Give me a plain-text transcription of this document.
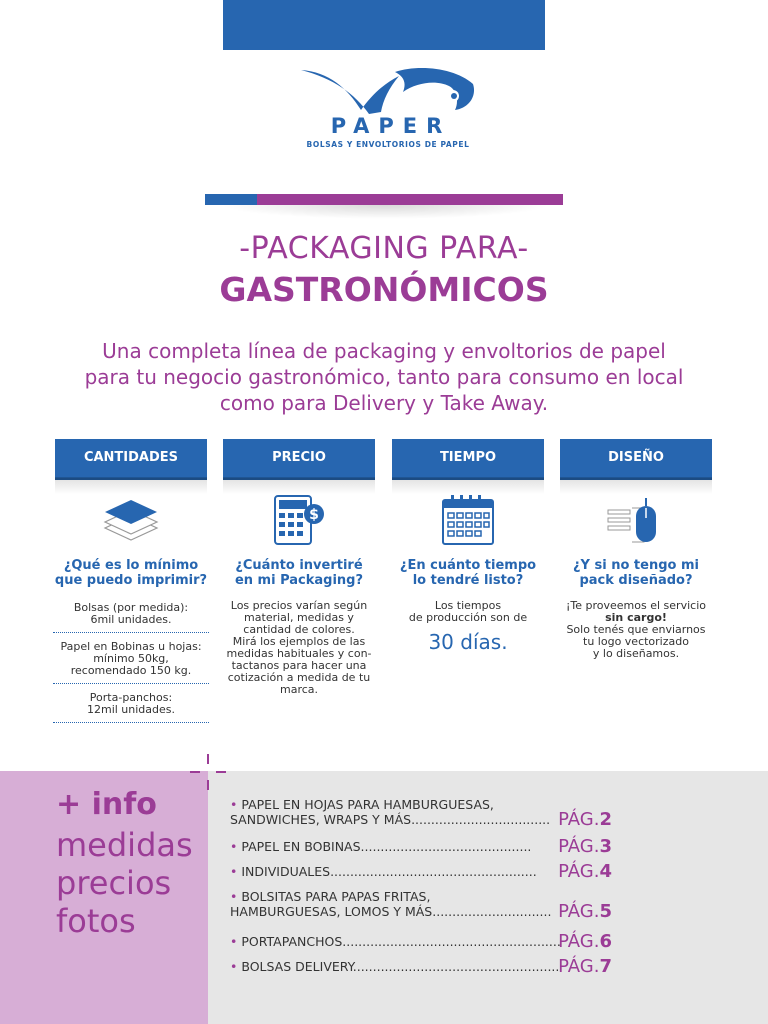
PAPER
BOLSAS Y ENVOLTORIOS DE PAPEL
-PACKAGING PARA-
GASTRONÓMICOS
Una completa línea de packaging y envoltorios de papel
para tu negocio gastronómico, tanto para consumo en local
como para Delivery y Take Away.
CANTIDADES	PRECIO	TIEMPO	DISEÑO
$
¿Qué es lo mínimo
que puedo imprimir?
¿Cuánto invertiré
en mi Packaging?
¿En cuánto tiempo
lo tendré listo?
¿Y si no tengo mi
pack diseñado?
Bolsas (por medida):
6mil unidades.
Papel en Bobinas u hojas:
mínimo 50kg,
recomendado 150 kg.
Porta-panchos:
12mil unidades.
Los precios varían según
material, medidas y
cantidad de colores.
Mirá los ejemplos de las
medidas habituales y con-
tactanos para hacer una
cotización a medida de tu
marca.
Los tiempos
de producción son de
30 días.
¡Te proveemos el servicio
sin cargo!
Solo tenés que enviarnos
tu logo vectorizado
y lo diseñamos.
+ info
medidas
precios
fotos
• PAPEL EN HOJAS PARA HAMBURGUESAS,
SANDWICHES, WRAPS Y MÁS................................... PÁG.2
• PAPEL EN BOBINAS...........................................	PÁG.3
• INDIVIDUALES....................................................	PÁG.4
• BOLSITAS PARA PAPAS FRITAS,
HAMBURGUESAS, LOMOS Y MÁS.............................. PÁG.5
• PORTAPANCHOS.......................................................
PÁG.6
• BOLSAS DELIVERY....................................................
PÁG.7
